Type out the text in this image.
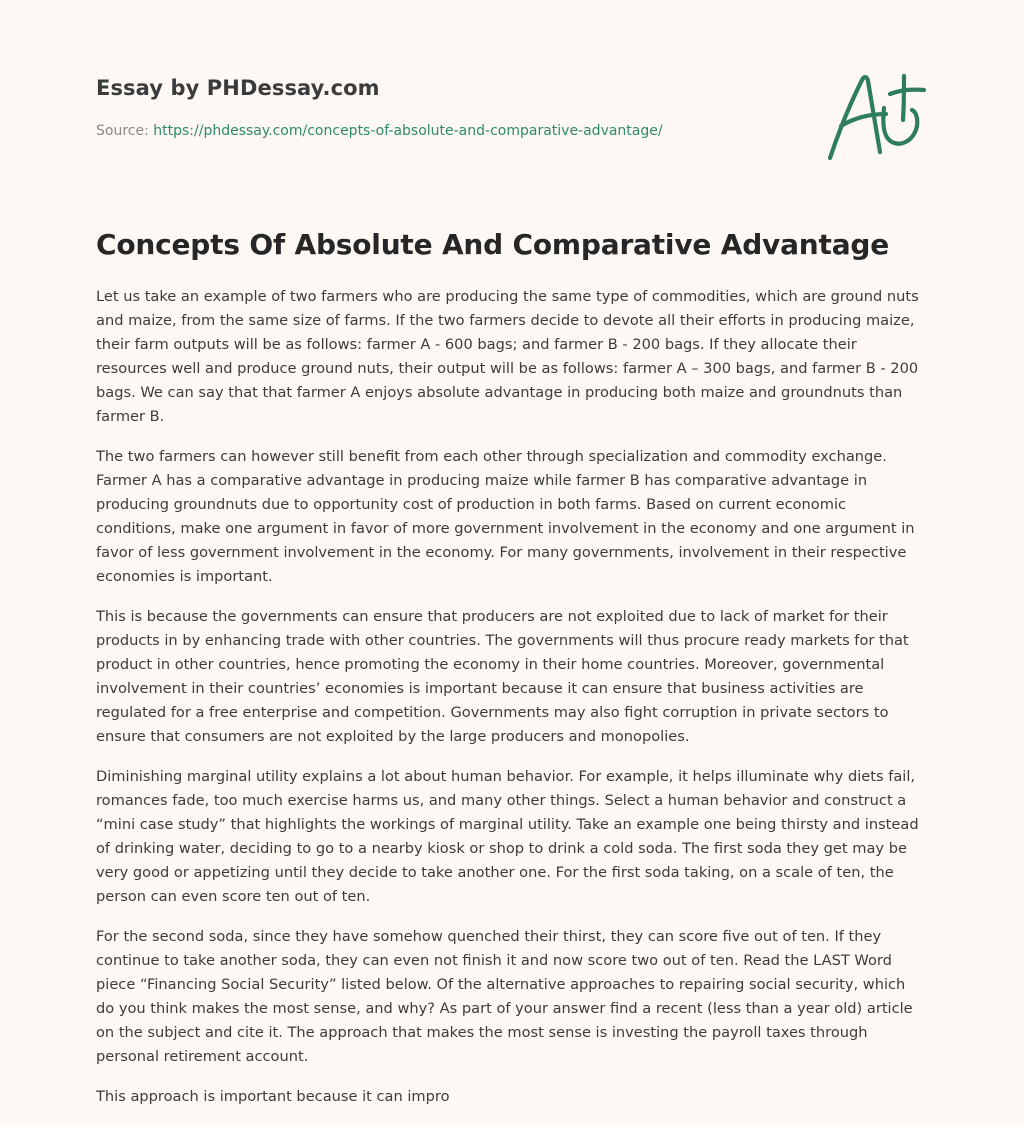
Essay by PHDessay.com
Source: https://phdessay.com/concepts-of-absolute-and-comparative-advantage/
Concepts Of Absolute And Comparative Advantage

Let us take an example of two farmers who are producing the same type of commodities, which are ground nuts and maize, from the same size of farms. If the two farmers decide to devote all their efforts in producing maize, their farm outputs will be as follows: farmer A - 600 bags; and farmer B - 200 bags. If they allocate their resources well and produce ground nuts, their output will be as follows: farmer A – 300 bags, and farmer B - 200 bags. We can say that that farmer A enjoys absolute advantage in producing both maize and groundnuts than farmer B.

The two farmers can however still benefit from each other through specialization and commodity exchange. Farmer A has a comparative advantage in producing maize while farmer B has comparative advantage in producing groundnuts due to opportunity cost of production in both farms. Based on current economic conditions, make one argument in favor of more government involvement in the economy and one argument in favor of less government involvement in the economy. For many governments, involvement in their respective economies is important.

This is because the governments can ensure that producers are not exploited due to lack of market for their products in by enhancing trade with other countries. The governments will thus procure ready markets for that product in other countries, hence promoting the economy in their home countries. Moreover, governmental involvement in their countries’ economies is important because it can ensure that business activities are regulated for a free enterprise and competition. Governments may also fight corruption in private sectors to ensure that consumers are not exploited by the large producers and monopolies.

Diminishing marginal utility explains a lot about human behavior. For example, it helps illuminate why diets fail, romances fade, too much exercise harms us, and many other things. Select a human behavior and construct a “mini case study” that highlights the workings of marginal utility. Take an example one being thirsty and instead of drinking water, deciding to go to a nearby kiosk or shop to drink a cold soda. The first soda they get may be very good or appetizing until they decide to take another one. For the first soda taking, on a scale of ten, the person can even score ten out of ten.

For the second soda, since they have somehow quenched their thirst, they can score five out of ten. If they continue to take another soda, they can even not finish it and now score two out of ten. Read the LAST Word piece “Financing Social Security” listed below. Of the alternative approaches to repairing social security, which do you think makes the most sense, and why? As part of your answer find a recent (less than a year old) article on the subject and cite it. The approach that makes the most sense is investing the payroll taxes through personal retirement account.

This approach is important because it can impro
